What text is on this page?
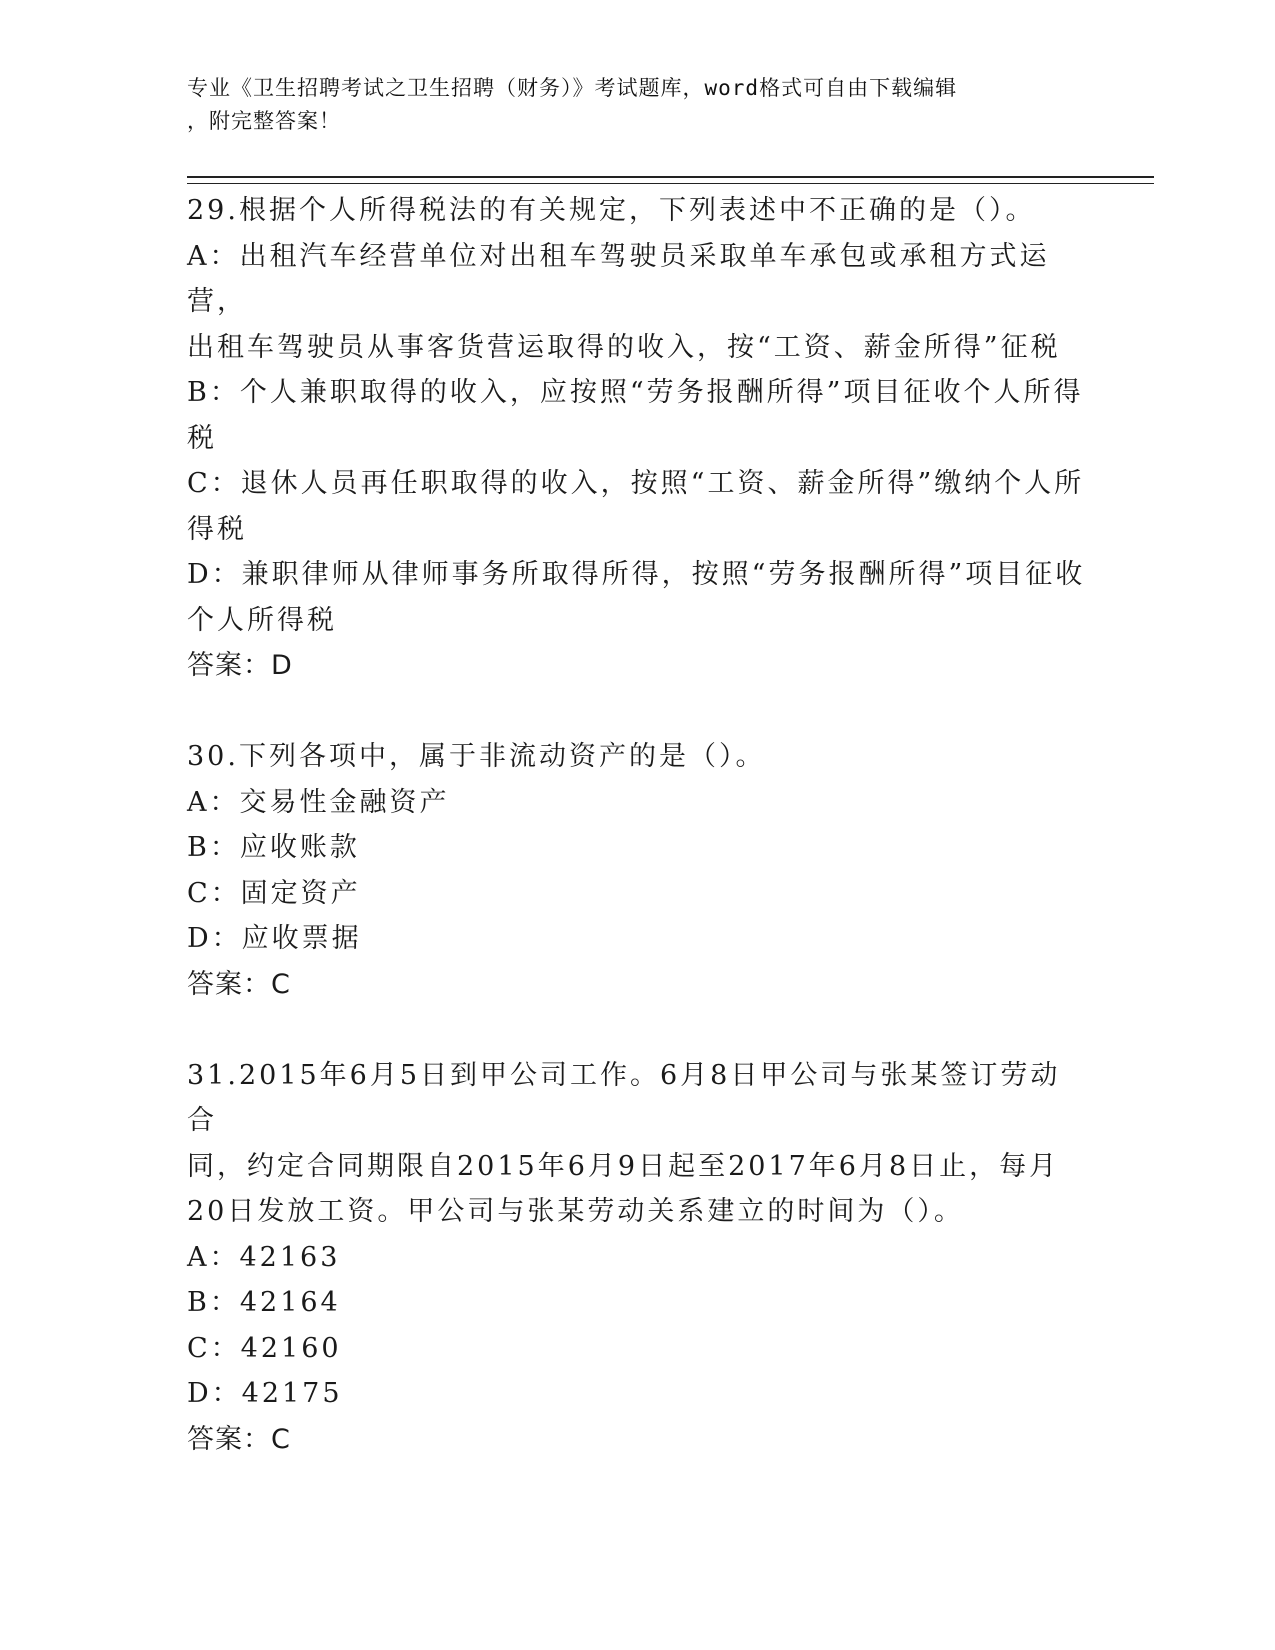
专业《卫生招聘考试之卫生招聘（财务）》考试题库，word格式可自由下载编辑
，附完整答案！
29.根据个人所得税法的有关规定，下列表述中不正确的是（）。
A：出租汽车经营单位对出租车驾驶员采取单车承包或承租方式运营，
出租车驾驶员从事客货营运取得的收入，按“工资、薪金所得”征税
B：个人兼职取得的收入，应按照“劳务报酬所得”项目征收个人所得
税
C：退休人员再任职取得的收入，按照“工资、薪金所得”缴纳个人所
得税
D：兼职律师从律师事务所取得所得，按照“劳务报酬所得”项目征收
个人所得税
答案：D
30.下列各项中，属于非流动资产的是（）。
A：交易性金融资产
B：应收账款
C：固定资产
D：应收票据
答案：C
31.2015年6月5日到甲公司工作。6月8日甲公司与张某签订劳动合
同，约定合同期限自2015年6月9日起至2017年6月8日止，每月
20日发放工资。甲公司与张某劳动关系建立的时间为（）。
A：42163
B：42164
C：42160
D：42175
答案：C
